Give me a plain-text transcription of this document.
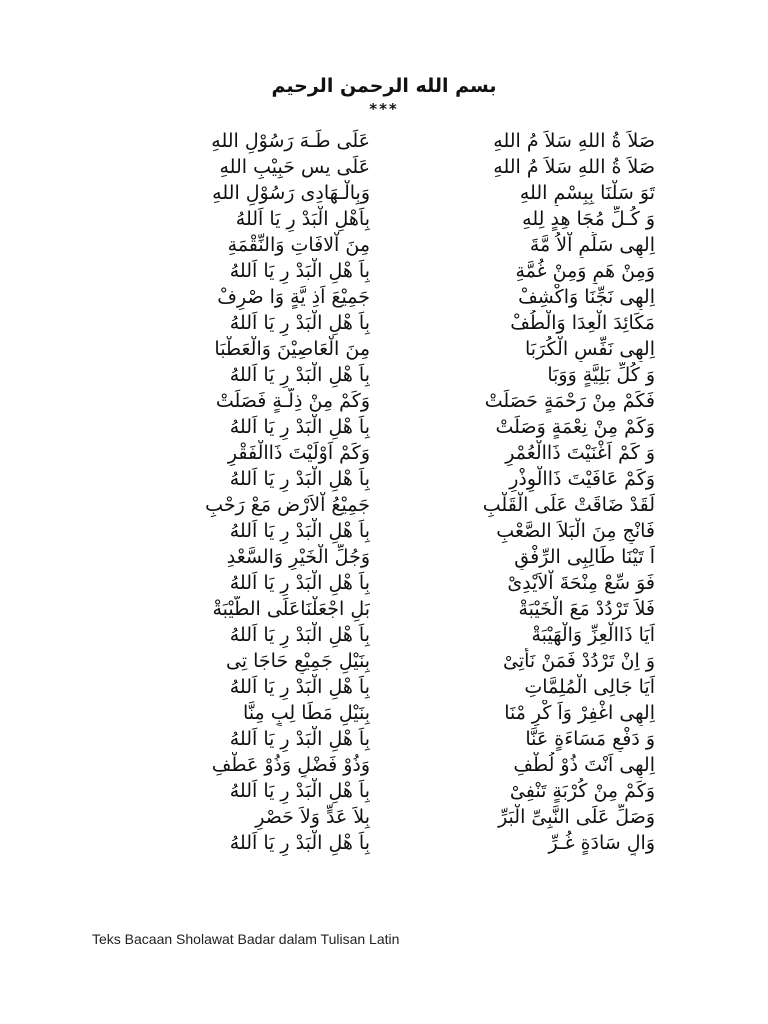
بسم الله الرحمن الرحيم
***
صَلاَ ةُ اللهِ سَلاَ مُ اللهِ
صَلاَ ةُ اللهِ سَلاَ مُ اللهِ
تَوَ سَلْنَا بِبِسْمِ اللهِ
وَ كُـلِّ مُجَا هِدٍ لِلهِ
اِلهِى سَلِّمِ اْلاُ مَّةَ
وَمِنْ هَمٍ وَمِنْ غُمَّةِ
اِلهِى نَجِّنَا وَاكْشِفْ
مَكَائِدَ الْعِدَا وَالْطُفْ
اِلهِى نَفِّسِ الْكُرَبَا
وَ كُلِّ بَلِيَّةٍ وَوَبَا
فَكَمْ مِنْ رَحْمَةٍ حَصَلَتْ
وَكَمْ مِنْ نِعْمَةٍ وَصَلَتْ
وَ كَمْ اَغْنَيْتَ ذَاالْعُمْرِ
وَكَمْ عَافَيْتَ ذَاالْوِذْرِ
لَقَدْ ضَاقَتْ عَلَى الْقَلْبِ
فَانْجِ مِنَ الْبَلاَ الصَّعْبِ
اَ تَيْنَا طَالِبِى الرِّفْقِ
فَوَ سِّعْ مِنْحَةَ اْلاَيْدِىْ
فَلاَ تَرْدُدْ مَعَ الْخَيْبَةْ
اَيَا ذَاالْعِزِّ وَالْهَيْبَةْ
وَ اِنْ تَرْدُدْ فَمَنْ نَأْتِىْ
اَيَا جَالِى الْمُلِمَّاتِ
اِلهِى اغْفِرْ وَاَ كْرِ مْنَا
وَ دَفْعِ مَسَاءَةٍ عَنَّا
اِلهِى اَنْتَ ذُوْ لُطْفِ
وَكَمْ مِنْ كُرْبَةٍ تَنْفِىْ
وَصَلِّ عَلَى النَّبِىِّ الْبَرِّ
وَالٍ سَادَةٍ غُـرِّ
عَلَى طَـهَ رَسُوْلِ اللهِ
عَلَى يس حَبِيْبِ اللهِ
وَبِالْـهَادِى رَسُوْلِ اللهِ
بِاَهْلِ الْبَدْ رِ يَا اَللهُ
مِنَ اْلافَاتِ وَالنِّقْمَةِ
بِاَ هْلِ الْبَدْ رِ يَا اَللهُ
جَمِيْعَ اَذِ يَّةٍ وَا صْرِفْ
بِاَ هْلِ الْبَدْ رِ يَا اَللهُ
مِنَ الْعَاصِيْنَ وَالْعَطْبَا
بِاَ هْلِ الْبَدْ رِ يَا اَللهُ
وَكَمْ مِنْ ذِلَّـةٍ فَصَلَتْ
بِاَ هْلِ الْبَدْ رِ يَا اَللهُ
وَكَمْ اَوْلَيْتَ ذَاالْفَقْرِ
بِاَ هْلِ الْبَدْ رِ يَا اَللهُ
جَمِيْعُ اْلاَرْضِ مَعْ رَحْبِ
بِاَ هْلِ الْبَدْ رِ يَا اَللهُ
وَجُلِّ الْخَيْرِ وَالسَّعْدِ
بِاَ هْلِ الْبَدْ رِ يَا اَللهُ
بَلِ اجْعَلْنَاعَلَى الطَّيْبَةْ
بِاَ هْلِ الْبَدْ رِ يَا اَللهُ
بِنَيْلِ جَمِيْعِ حَاجَا تِى
بِاَ هْلِ الْبَدْ رِ يَا اَللهُ
بِنَيْلِ مَطَا لِبٍ مِنَّا
بِاَ هْلِ الْبَدْ رِ يَا اَللهُ
وَذُوْ فَضْلٍ وَذُوْ عَطْفِ
بِاَ هْلِ الْبَدْ رِ يَا اَللهُ
بِلاَ عَدٍّ وَلاَ حَصْرِ
بِاَ هْلِ الْبَدْ رِ يَا اَللهُ
Teks Bacaan Sholawat Badar dalam Tulisan Latin
